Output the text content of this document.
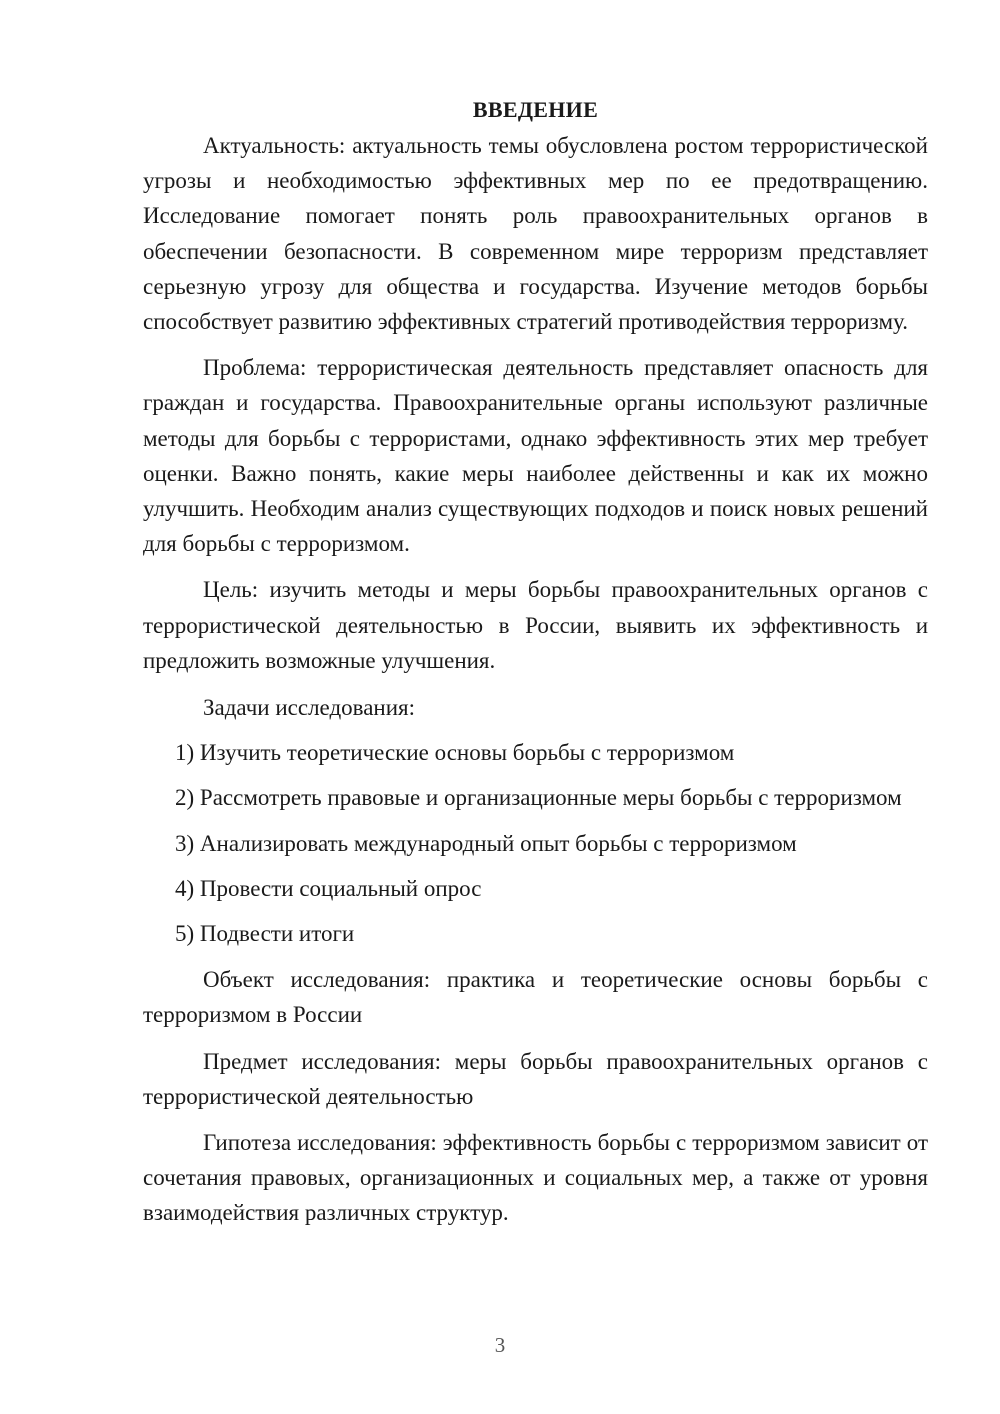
ВВЕДЕНИЕ

Актуальность: актуальность темы обусловлена ростом террористической угрозы и необходимостью эффективных мер по ее предотвращению. Исследование помогает понять роль правоохранительных органов в обеспечении безопасности. В современном мире терроризм представляет серьезную угрозу для общества и государства. Изучение методов борьбы способствует развитию эффективных стратегий противодействия терроризму.

Проблема: террористическая деятельность представляет опасность для граждан и государства. Правоохранительные органы используют различные методы для борьбы с террористами, однако эффективность этих мер требует оценки. Важно понять, какие меры наиболее действенны и как их можно улучшить. Необходим анализ существующих подходов и поиск новых решений для борьбы с терроризмом.

Цель: изучить методы и меры борьбы правоохранительных органов с террористической деятельностью в России, выявить их эффективность и предложить возможные улучшения.

Задачи исследования:

1) Изучить теоретические основы борьбы с терроризмом

2) Рассмотреть правовые и организационные меры борьбы с терроризмом

3) Анализировать международный опыт борьбы с терроризмом

4) Провести социальный опрос

5) Подвести итоги

Объект исследования: практика и теоретические основы борьбы с терроризмом в России

Предмет исследования: меры борьбы правоохранительных органов с террористической деятельностью

Гипотеза исследования: эффективность борьбы с терроризмом зависит от сочетания правовых, организационных и социальных мер, а также от уровня взаимодействия различных структур.

3
